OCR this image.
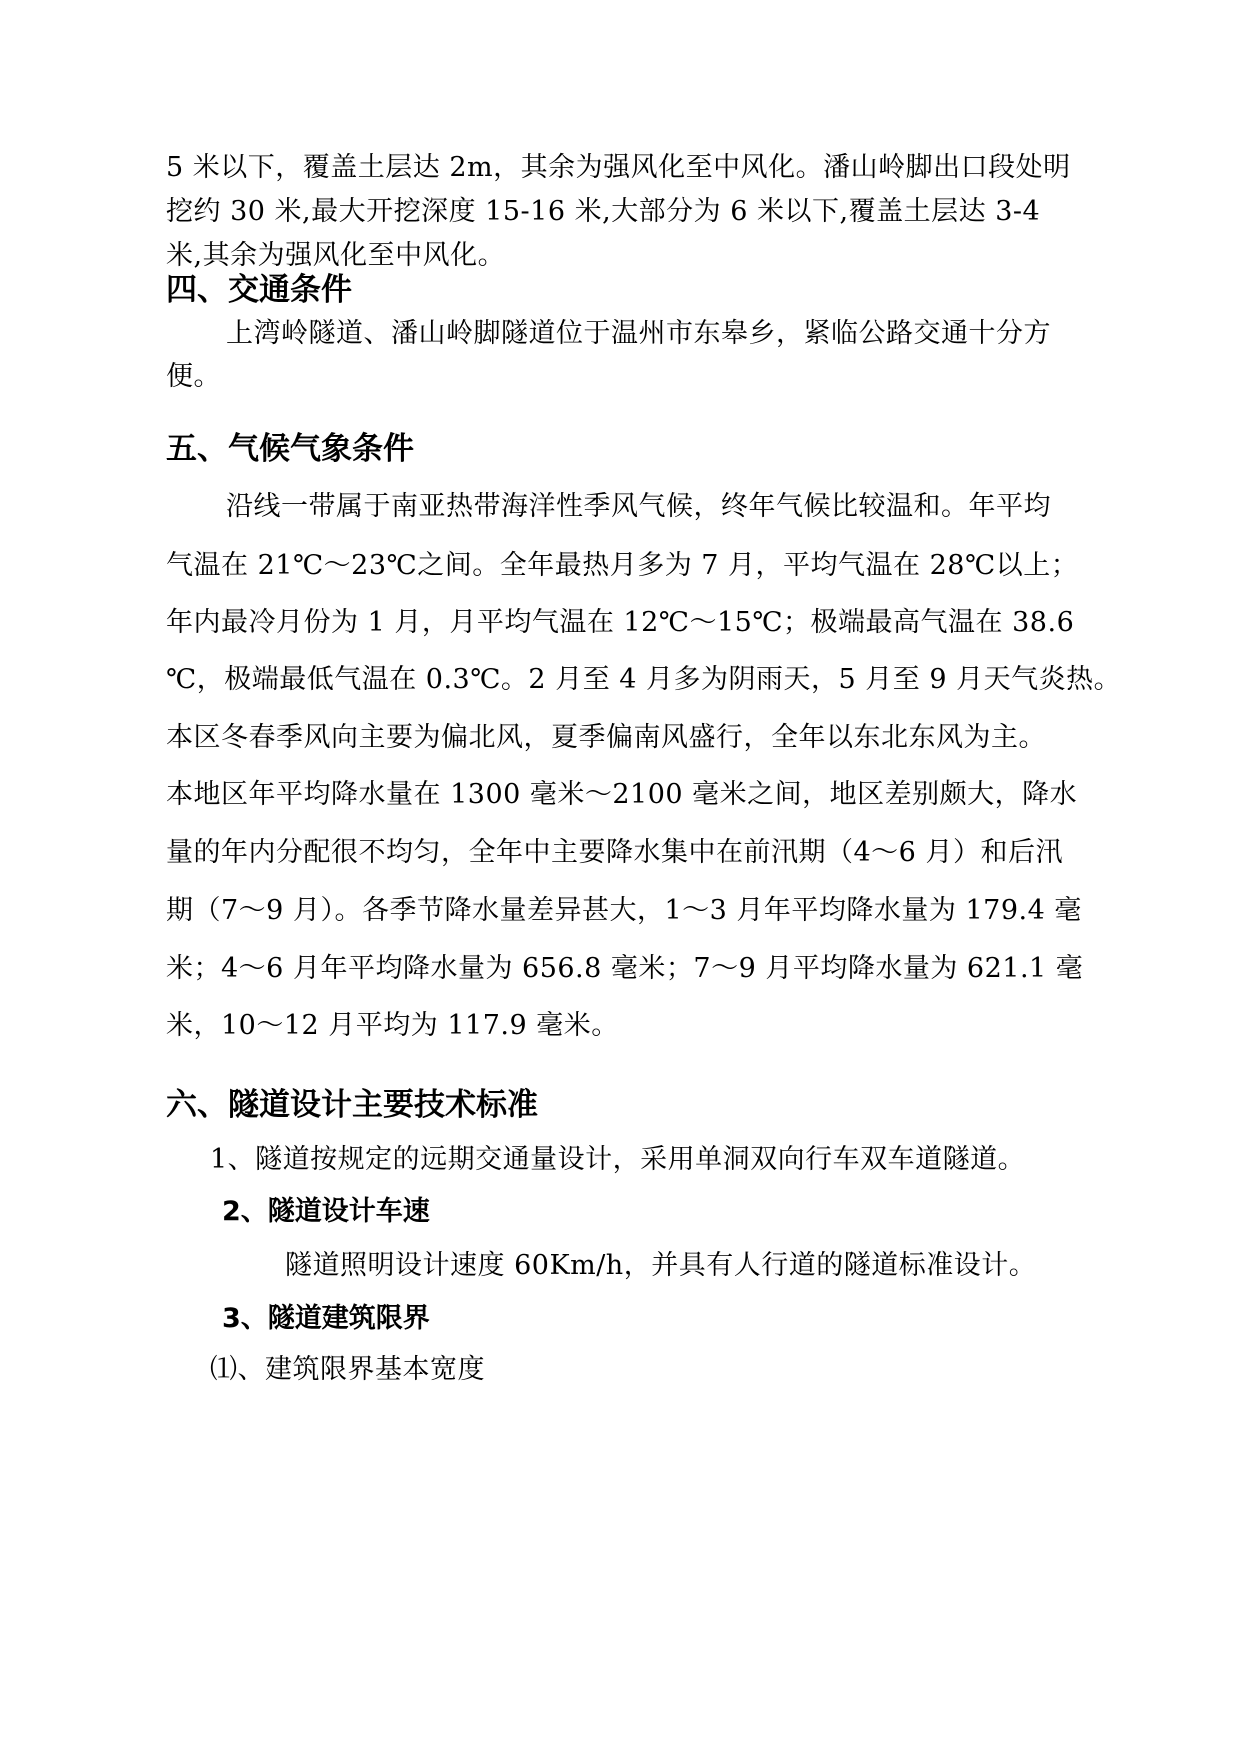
5 米以下，覆盖土层达 2m，其余为强风化至中风化。潘山岭脚出口段处明
挖约 30 米,最大开挖深度 15-16 米,大部分为 6 米以下,覆盖土层达 3-4
米,其余为强风化至中风化。
四、交通条件
上湾岭隧道、潘山岭脚隧道位于温州市东皋乡，紧临公路交通十分方
便。
五、气候气象条件
沿线一带属于南亚热带海洋性季风气候，终年气候比较温和。年平均
气温在 21℃～23℃之间。全年最热月多为 7 月，平均气温在 28℃以上；
年内最冷月份为 1 月，月平均气温在 12℃～15℃；极端最高气温在 38.6
℃，极端最低气温在 0.3℃。2 月至 4 月多为阴雨天，5 月至 9 月天气炎热。
本区冬春季风向主要为偏北风，夏季偏南风盛行，全年以东北东风为主。
本地区年平均降水量在 1300 毫米～2100 毫米之间，地区差别颇大，降水
量的年内分配很不均匀，全年中主要降水集中在前汛期（4～6 月）和后汛
期（7～9 月）。各季节降水量差异甚大，1～3 月年平均降水量为 179.4 毫
米；4～6 月年平均降水量为 656.8 毫米；7～9 月平均降水量为 621.1 毫
米，10～12 月平均为 117.9 毫米。
六、隧道设计主要技术标准
1、隧道按规定的远期交通量设计，采用单洞双向行车双车道隧道。
2、隧道设计车速
隧道照明设计速度 60Km/h，并具有人行道的隧道标准设计。
3、隧道建筑限界
⑴、建筑限界基本宽度
